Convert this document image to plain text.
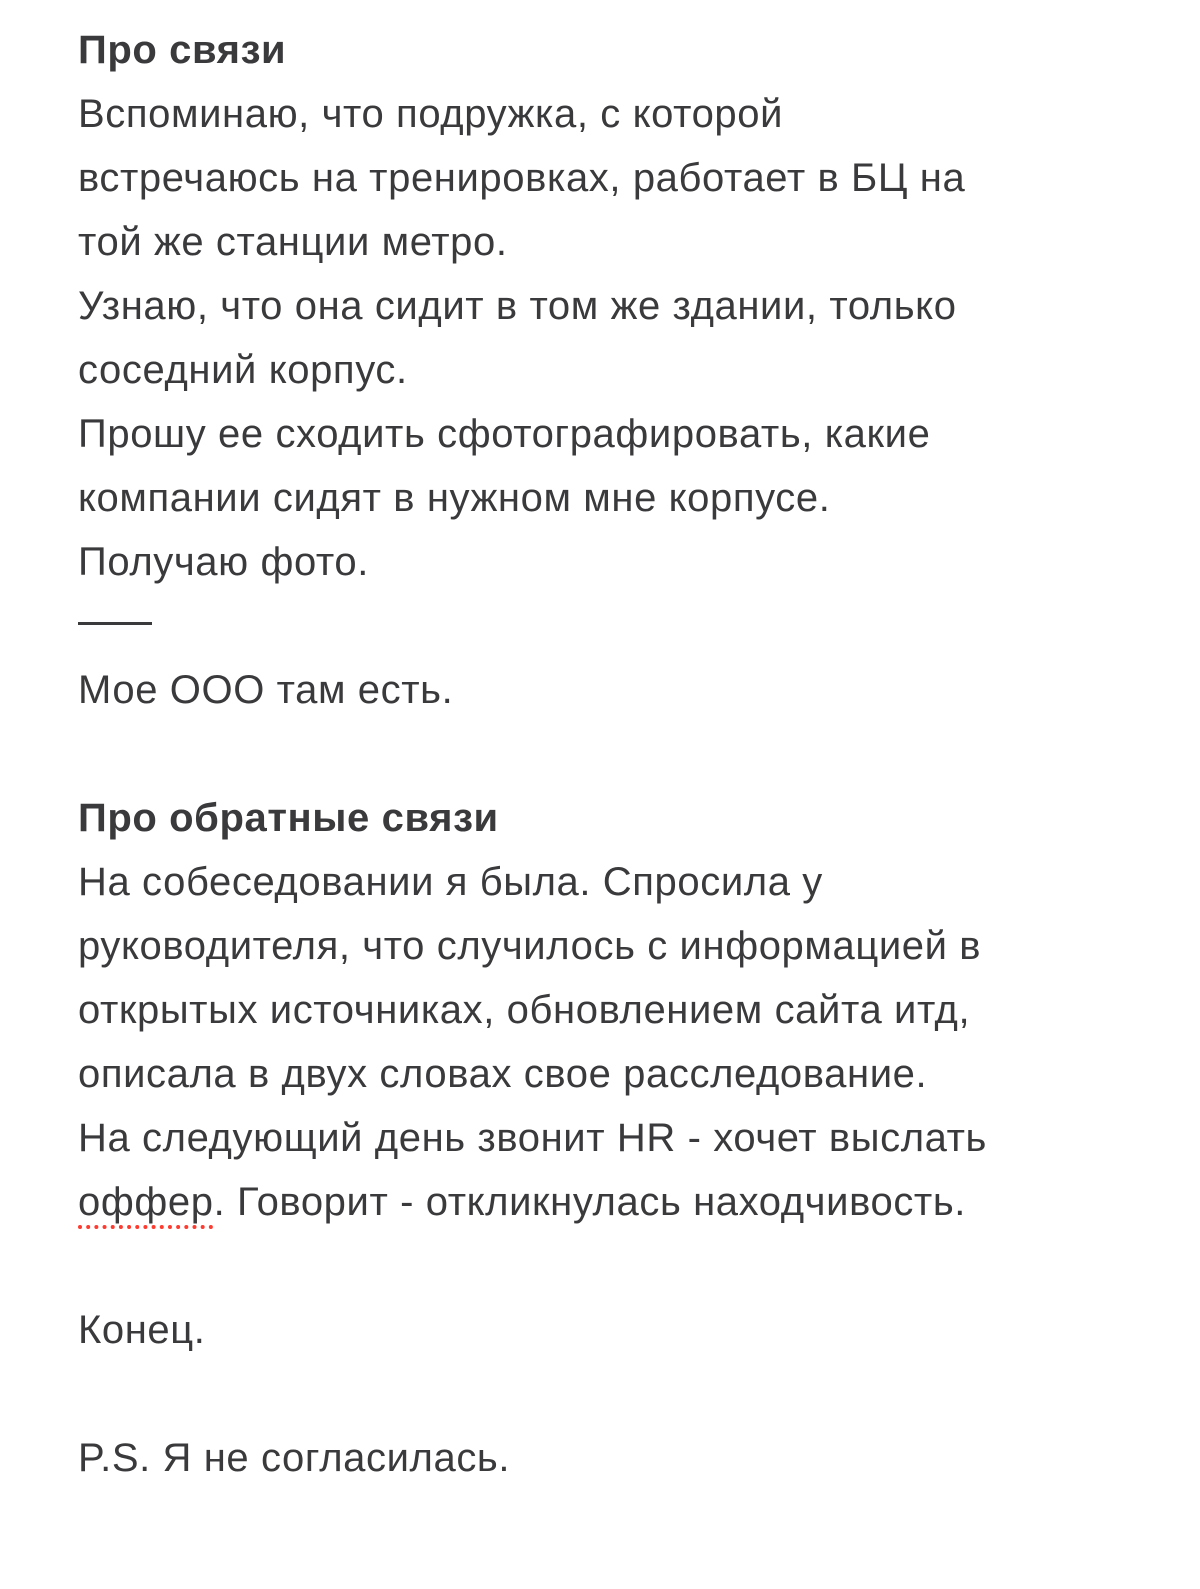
Про связи
Вспоминаю, что подружка, с которой
встречаюсь на тренировках, работает в БЦ на
той же станции метро.
Узнаю, что она сидит в том же здании, только
соседний корпус.
Прошу ее сходить сфотографировать, какие
компании сидят в нужном мне корпусе.
Получаю фото.
Мое ООО там есть.
Про обратные связи
На собеседовании я была. Спросила у
руководителя, что случилось с информацией в
открытых источниках, обновлением сайта итд,
описала в двух словах свое расследование.
На следующий день звонит HR - хочет выслать
оффер. Говорит - откликнулась находчивость.
Конец.
P.S. Я не согласилась.
